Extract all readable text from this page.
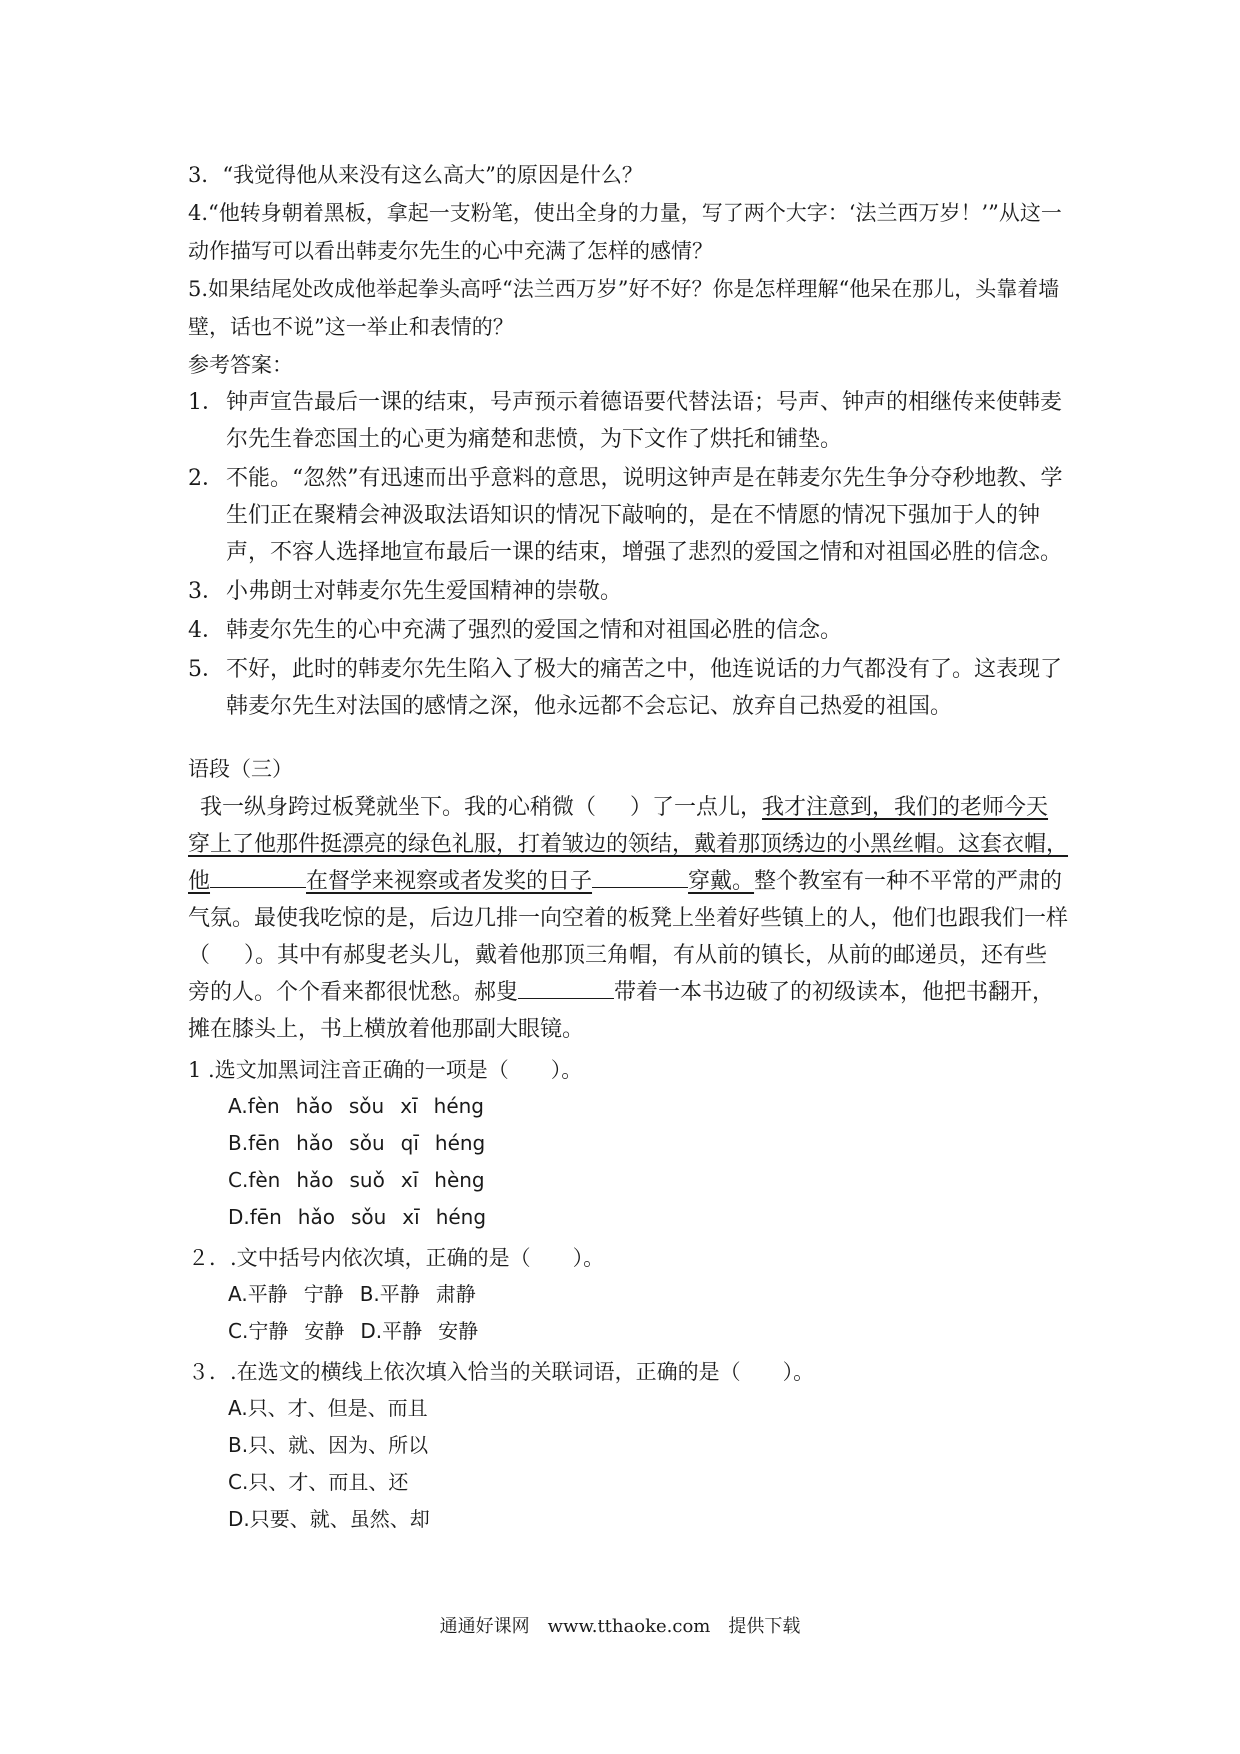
3．“我觉得他从来没有这么高大”的原因是什么？

4.“他转身朝着黑板，拿起一支粉笔，使出全身的力量，写了两个大字：‘法兰西万岁！’”从这一动作描写可以看出韩麦尔先生的心中充满了怎样的感情？

5.如果结尾处改成他举起拳头高呼“法兰西万岁”好不好？你是怎样理解“他呆在那儿，头靠着墙壁，话也不说”这一举止和表情的？

参考答案：

1． 钟声宣告最后一课的结束，号声预示着德语要代替法语；号声、钟声的相继传来使韩麦尔先生眷恋国土的心更为痛楚和悲愤，为下文作了烘托和铺垫。
2． 不能。“忽然”有迅速而出乎意料的意思，说明这钟声是在韩麦尔先生争分夺秒地教、学生们正在聚精会神汲取法语知识的情况下敲响的，是在不情愿的情况下强加于人的钟声，不容人选择地宣布最后一课的结束，增强了悲烈的爱国之情和对祖国必胜的信念。
3． 小弗朗士对韩麦尔先生爱国精神的崇敬。
4． 韩麦尔先生的心中充满了强烈的爱国之情和对祖国必胜的信念。
5． 不好，此时的韩麦尔先生陷入了极大的痛苦之中，他连说话的力气都没有了。这表现了韩麦尔先生对法国的感情之深，他永远都不会忘记、放弃自己热爱的祖国。

语段（三）

我一纵身跨过板凳就坐下。我的心稍微（ ）了一点儿，我才注意到，我们的老师今天穿上了他那件挺漂亮的绿色礼服，打着皱边的领结，戴着那顶绣边的小黑丝帽。这套衣帽，他	在督学来视察或者发奖的日子	穿戴。整个教室有一种不平常的严肃的气氛。最使我吃惊的是，后边几排一向空着的板凳上坐着好些镇上的人，他们也跟我们一样（ ）。其中有郝叟老头儿，戴着他那顶三角帽，有从前的镇长，从前的邮递员，还有些旁的人。个个看来都很忧愁。郝叟	带着一本书边破了的初级读本，他把书翻开，摊在膝头上，书上横放着他那副大眼镜。

1 .选文加黑词注音正确的一项是（　　）。

A.fèn hǎo sǒu xī héng
B.fēn hǎo sǒu qī héng
C.fèn hǎo suǒ xī hèng
D.fēn hǎo sǒu xī héng

２．.文中括号内依次填，正确的是（　　）。

A.平静 宁静 B.平静 肃静
C.宁静 安静 D.平静 安静

３．.在选文的横线上依次填入恰当的关联词语，正确的是（　　）。

A.只、才、但是、而且
B.只、就、因为、所以
C.只、才、而且、还
D.只要、就、虽然、却
通通好课网　www.tthaoke.com　提供下载
